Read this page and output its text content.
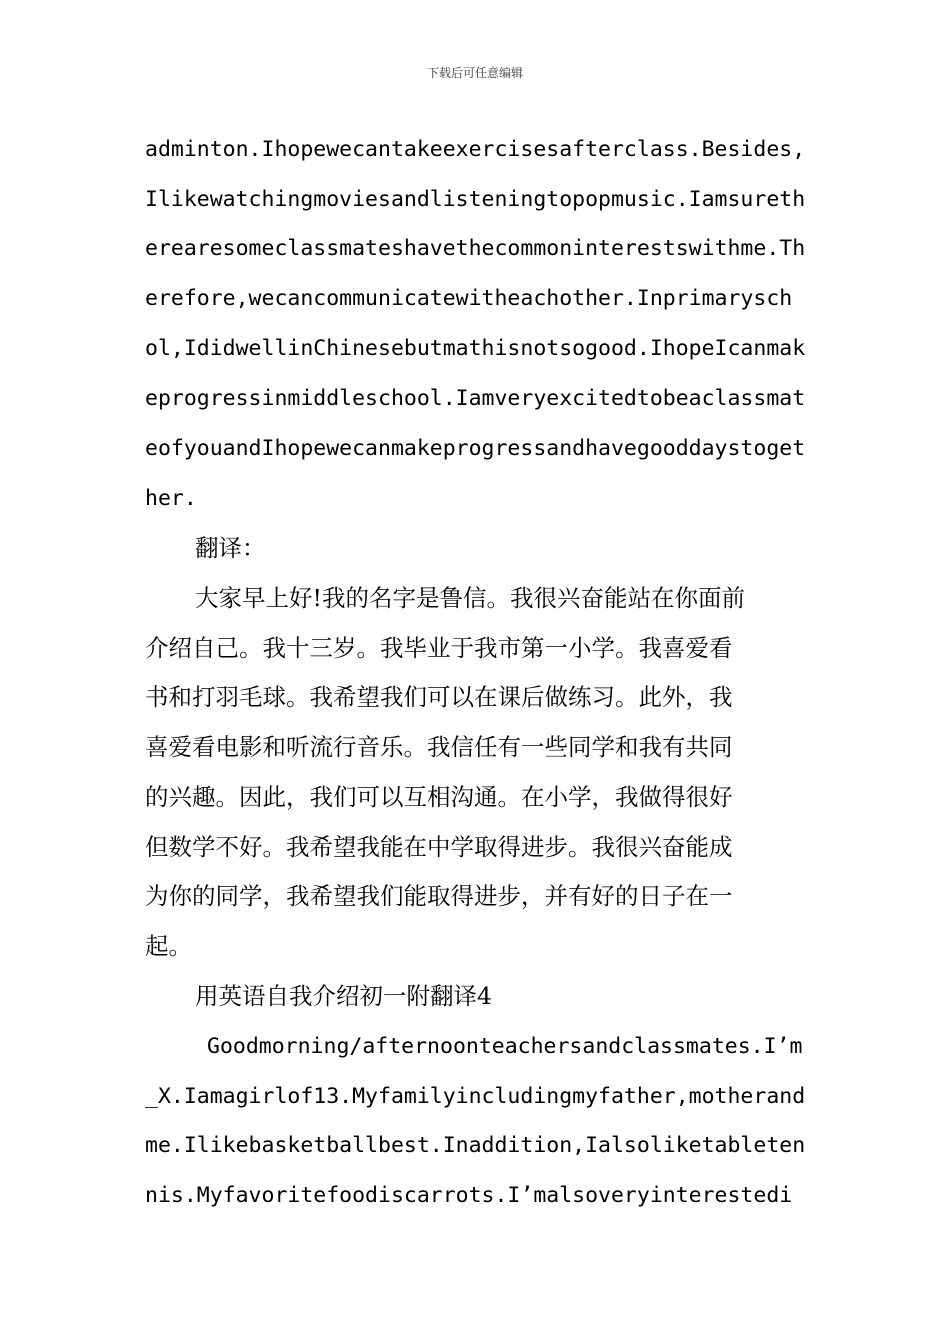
下载后可任意编辑
adminton.Ihopewecantakeexercisesafterclass.Besides,
Ilikewatchingmoviesandlisteningtopopmusic.Iamsureth
erearesomeclassmateshavethecommoninterestswithme.Th
erefore,wecancommunicatewitheachother.Inprimarysch
ol,IdidwellinChinesebutmathisnotsogood.IhopeIcanmak
eprogressinmiddleschool.Iamveryexcitedtobeaclassmat
eofyouandIhopewecanmakeprogressandhavegooddaystoget
her.
翻译：
大家早上好!我的名字是鲁信。我很兴奋能站在你面前
介绍自己。我十三岁。我毕业于我市第一小学。我喜爱看
书和打羽毛球。我希望我们可以在课后做练习。此外，我
喜爱看电影和听流行音乐。我信任有一些同学和我有共同
的兴趣。因此，我们可以互相沟通。在小学，我做得很好
但数学不好。我希望我能在中学取得进步。我很兴奋能成
为你的同学，我希望我们能取得进步，并有好的日子在一
起。
用英语自我介绍初一附翻译4
Goodmorning/afternoonteachersandclassmates.I’m
_X.Iamagirlof13.Myfamilyincludingmyfather,motherand
me.Ilikebasketballbest.Inaddition,Ialsoliketableten
nis.Myfavoritefoodiscarrots.I’malsoveryinterestedi
